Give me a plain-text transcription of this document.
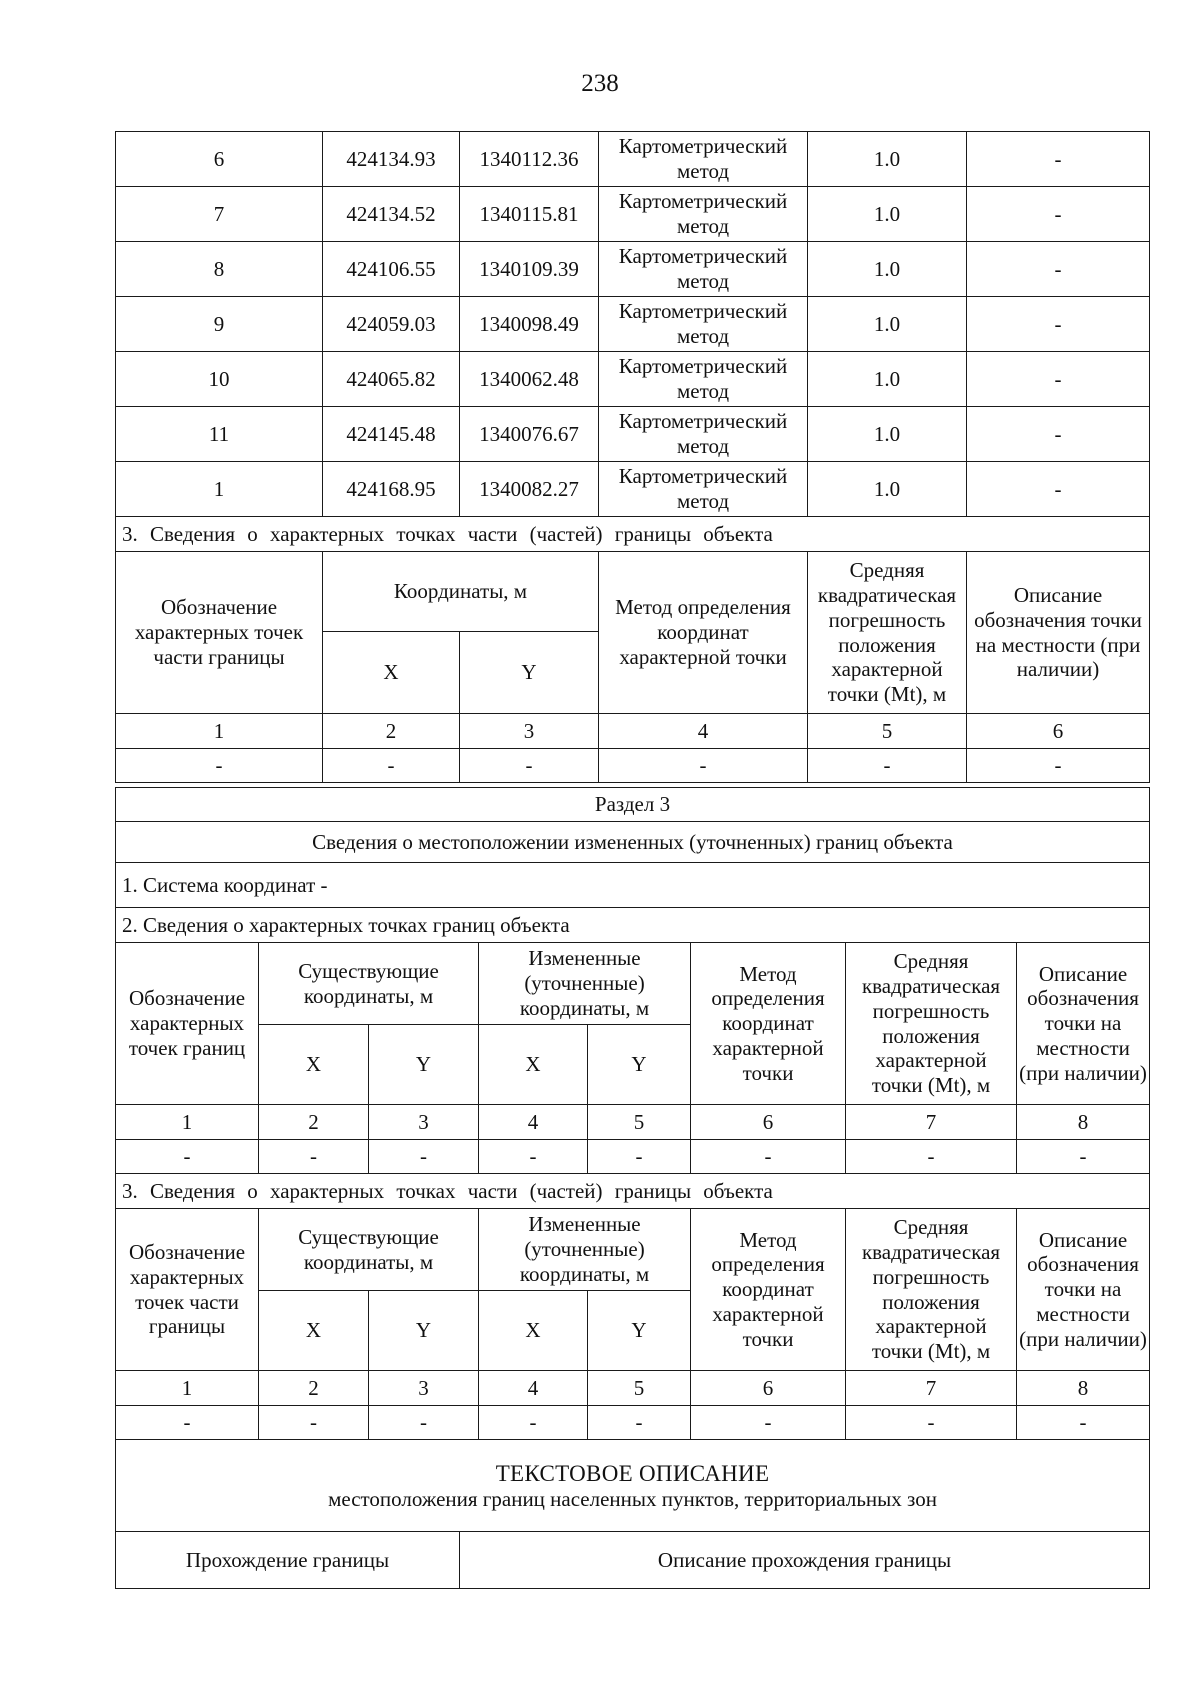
238
6	424134.93	1340112.36	Картометрический метод	1.0	-
7	424134.52	1340115.81	Картометрический метод	1.0	-
8	424106.55	1340109.39	Картометрический метод	1.0	-
9	424059.03	1340098.49	Картометрический метод	1.0	-
10	424065.82	1340062.48	Картометрический метод	1.0	-
11	424145.48	1340076.67	Картометрический метод	1.0	-
1	424168.95	1340082.27	Картометрический метод	1.0	-
3. Сведения о характерных точках части (частей) границы объекта					
Обозначение характерных точек части границы	Координаты, м		Метод определения координат характерной точки	Средняя квадратическая погрешность положения характерной точки (Mt), м	Описание обозначения точки на местности (при наличии)
	X	Y			
1	2	3	4	5	6
-	-	-	-	-	-
Раздел 3
Сведения о местоположении измененных (уточненных) границ объекта
1. Система координат -
2. Сведения о характерных точках границ объекта
Обозначение характерных точек границ	Существующие координаты, м		Измененные (уточненные) координаты, м		Метод определения координат характерной точки	Средняя квадратическая погрешность положения характерной точки (Mt), м	Описание обозначения точки на местности (при наличии)
	X	Y	X	Y			
1	2	3	4	5	6	7	8
-	-	-	-	-	-	-	-
3. Сведения о характерных точках части (частей) границы объекта							
Обозначение характерных точек части границы	Существующие координаты, м		Измененные (уточненные) координаты, м		Метод определения координат характерной точки	Средняя квадратическая погрешность положения характерной точки (Mt), м	Описание обозначения точки на местности (при наличии)
	X	Y	X	Y			
1	2	3	4	5	6	7	8
-	-	-	-	-	-	-	-
ТЕКСТОВОЕ ОПИСАНИЕ
местоположения границ населенных пунктов, территориальных зон

Прохождение границы	Описание прохождения границы
